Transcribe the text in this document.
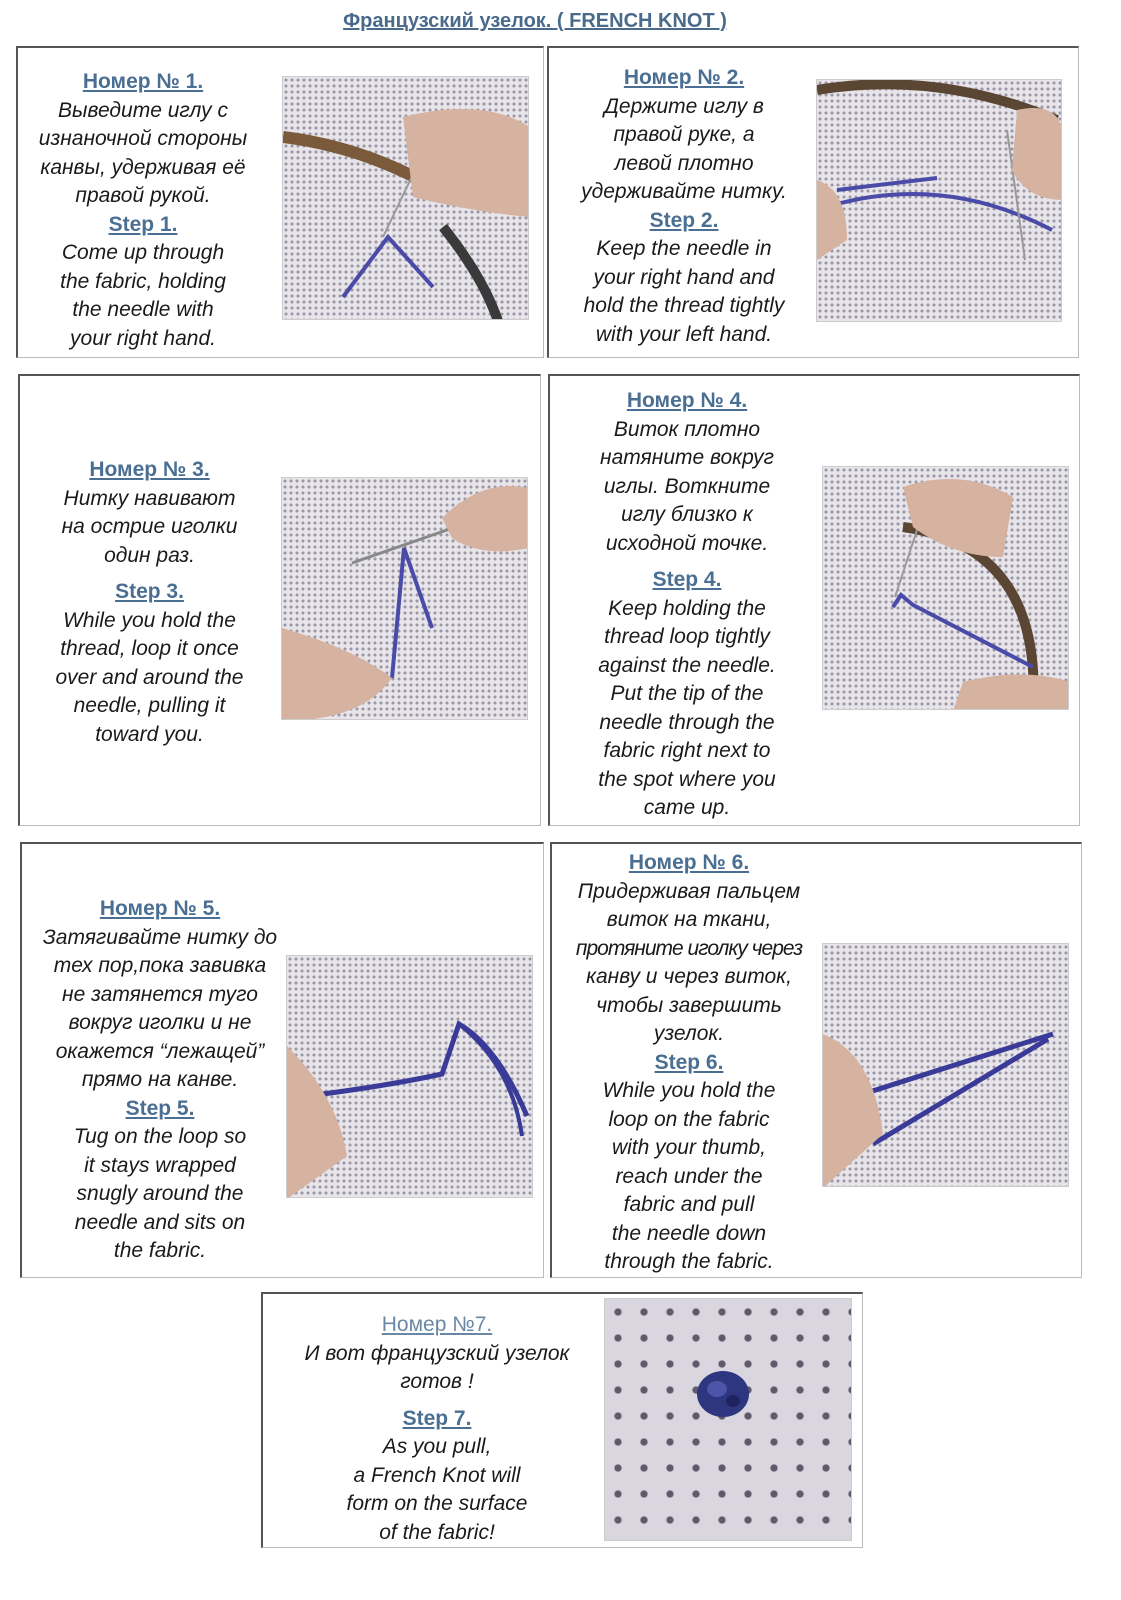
Французский узелок. ( FRENCH KNOT )
Номер № 1.
Выведите иглу с
изнаночной стороны
канвы, удерживая её
правой рукой.
Step 1.
Come up through
the fabric, holding
the needle with
your right hand.
Номер № 2.
Держите иглу в
правой руке, а
левой плотно
удерживайте нитку.
Step 2.
Keep the needle in
your right hand and
hold the thread tightly
with your left hand.
Номер № 3.
Нитку навивают
на острие иголки
один раз.
Step 3.
While you hold the
thread, loop it once
over and around the
needle, pulling it
toward you.
Номер № 4.
Виток плотно
натяните вокруг
иглы. Воткните
иглу близко к
исходной точке.
Step 4.
Keep holding the
thread loop tightly
against the needle.
Put the tip of the
needle through the
fabric right next to
the spot where you
came up.
Номер № 5.
Затягивайте нитку до
тех пор,пока завивка
не затянется туго
вокруг иголки и не
окажется “лежащей”
прямо на канве.
Step 5.
Tug on the loop so
it stays wrapped
snugly around the
needle and sits on
the fabric.
Номер № 6.
Придерживая пальцем
виток на ткани,
протяните иголку через
канву и через виток,
чтобы завершить
узелок.
Step 6.
While you hold the
loop on the fabric
with your thumb,
reach under the
fabric and pull
the needle down
through the fabric.
Номер №7.
И вот французский узелок
готов !
Step 7.
As you pull,
a French Knot will
form on the surface
of the fabric!
